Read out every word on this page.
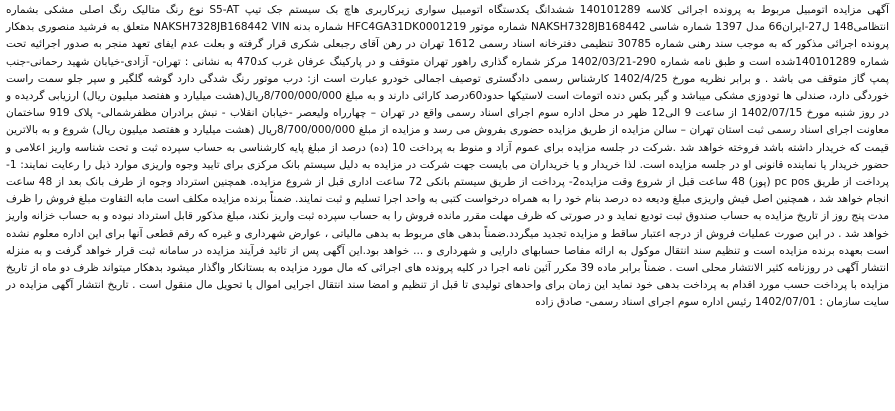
آگهی مزایده اتومبیل مربوط به پرونده اجرائی کلاسه 140101289 ششدانگ یکدستگاه اتومبیل سواری زیرکاربری هاچ بک سیستم جک تیپ S5-AT نوع رنگ متالیک رنگ اصلی مشکی بشماره انتظامی148 ل27-ایران66 مدل 1397 شماره شاسی NAKSH7328JB168442 شماره موتور HFC4GA31DK0001219 شماره بدنه NAKSH7328JB168442 VIN متعلق به فرشید منصوری بدهکار پرونده اجرائی مذکور که به موجب سند رهنی شماره 30785 تنظیمی دفترخانه اسناد رسمی 1612 تهران در رهن آقای رجبعلی شکری قرار گرفته و بعلت عدم ایفای تعهد منجر به صدور اجرائیه تحت شماره 140101289شده است و طبق نامه شماره 290-1402/03/21 مرکز شماره گذاری راهور تهران متوقف و در پارکینگ عرفان غرب کد470 به نشانی : تهران- آزادی-خیابان شهید رحمانی-جنب پمپ گاز متوقف می باشد . و برابر نظریه مورخ 1402/4/25 کارشناس رسمی دادگستری توصیف اجمالی خودرو عبارت است از: درب موتور رنگ شدگی دارد گوشه گلگیر و سپر جلو سمت راست خوردگی دارد، صندلی ها تودوزی مشکی میباشد و گیر بکس دنده اتومات است لاستیکها حدود60درصد کارائی دارند و به مبلغ 8/700/000/000ریال(هشت میلیارد و هفتصد میلیون ریال) ارزیابی گردیده و در روز شنبه مورخ 1402/07/15 از ساعت 9 الی12 ظهر در محل اداره سوم اجرای اسناد رسمی واقع در تهران – چهارراه ولیعصر -خیابان انقلاب - نبش برادران مظفرشمالی- پلاک 919 ساختمان معاونت اجرای اسناد رسمی ثبت استان تهران – سالن مزایده از طریق مزایده حضوری بفروش می رسد و مزایده از مبلغ 8/700/000/000ریال (هشت میلیارد و هفتصد میلیون ریال) شروع و به بالاترین قیمت که خریدار داشته باشد فروخته خواهد شد .شرکت در جلسه مزایده برای عموم آزاد و منوط به پرداخت 10 (ده) درصد از مبلغ پایه کارشناسی به حساب سپرده ثبت و تحت شناسه واریز اعلامی و حضور خریدار یا نماینده قانونی او در جلسه مزایده است. لذا خریدار و یا خریداران می بایست جهت شرکت در مزایده به دلیل سیستم بانک مرکزی برای تایید وجوه واریزی موارد ذیل را رعایت نمایند: 1- پرداخت از طریق pc pos (پوز) 48 ساعت قبل از شروع وقت مزایده2- پرداخت از طریق سیستم بانکی 72 ساعت اداری قبل از شروع مزایده. همچنین استرداد وجوه از طرف بانک بعد از 48 ساعت انجام خواهد شد ، همچنین اصل فیش واریزی مبلغ ودیعه ده درصد بنام خود را به همراه درخواست کتبی به واحد اجرا تسلیم و ثبت نمایند. ضمناً برنده مزایده مکلف است مابه التفاوت مبلغ فروش را ظرف مدت پنج روز از تاریخ مزایده به حساب صندوق ثبت تودیع نماید و در صورتی که ظرف مهلت مقرر مانده فروش را به حساب سپرده ثبت واریز نکند، مبلغ مذکور قابل استرداد نبوده و به حساب خزانه واریز خواهد شد . در این صورت عملیات فروش از درجه اعتبار ساقط و مزایده تجدید میگردد.ضمناً بدهی های مربوط به بدهی مالیاتی ، عوارض شهرداری و غیره که رقم قطعی آنها برای این اداره معلوم نشده است بعهده برنده مزایده است و تنظیم سند انتقال موکول به ارائه مفاصا حسابهای دارایی و شهرداری و ... خواهد بود.این آگهی پس از تائید فرآیند مزایده در سامانه ثبت قرار خواهد گرفت و به منزله انتشار آگهی در روزنامه کثیر الانتشار محلی است . ضمناً برابر ماده 39 مکرر آئین نامه اجرا در کلیه پرونده های اجرائی که مال مورد مزایده به بستانکار واگذار میشود بدهکار میتواند ظرف دو ماه از تاریخ مزایده با پرداخت حسب مورد اقدام به پرداخت بدهی خود نماید این زمان برای واحدهای تولیدی تا قبل از تنظیم و امضا سند انتقال اجرایی اموال یا تحویل مال منقول است . تاریخ انتشار آگهی مزایده در سایت سازمان : 1402/07/01 رئیس اداره سوم اجرای اسناد رسمی- صادق زاده
